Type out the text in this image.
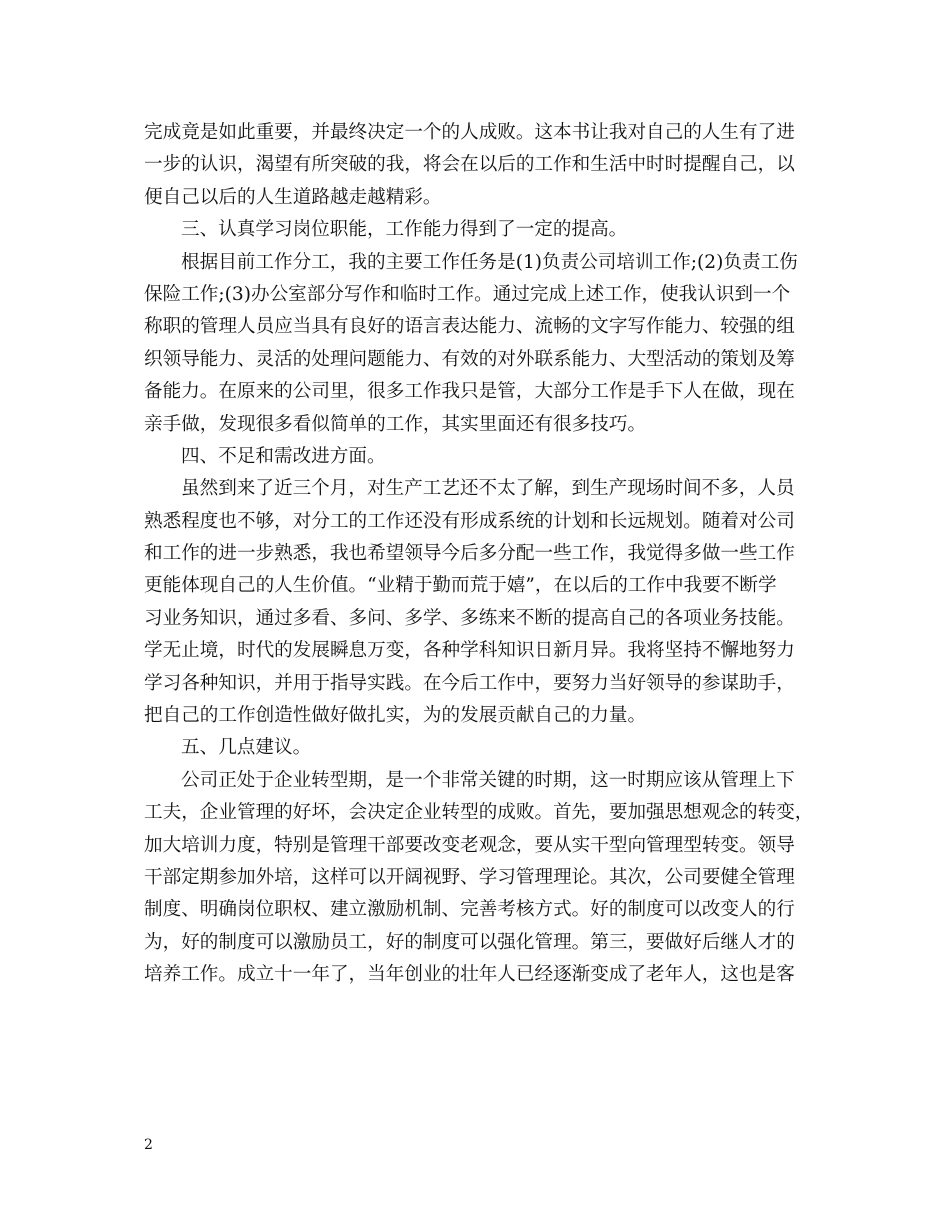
完成竟是如此重要，并最终决定一个的人成败。这本书让我对自己的人生有了进
一步的认识，渴望有所突破的我，将会在以后的工作和生活中时时提醒自己，以
便自己以后的人生道路越走越精彩。
三、认真学习岗位职能，工作能力得到了一定的提高。
根据目前工作分工，我的主要工作任务是(1)负责公司培训工作;(2)负责工伤
保险工作;(3)办公室部分写作和临时工作。通过完成上述工作，使我认识到一个
称职的管理人员应当具有良好的语言表达能力、流畅的文字写作能力、较强的组
织领导能力、灵活的处理问题能力、有效的对外联系能力、大型活动的策划及筹
备能力。在原来的公司里，很多工作我只是管，大部分工作是手下人在做，现在
亲手做，发现很多看似简单的工作，其实里面还有很多技巧。
四、不足和需改进方面。
虽然到来了近三个月，对生产工艺还不太了解，到生产现场时间不多，人员
熟悉程度也不够，对分工的工作还没有形成系统的计划和长远规划。随着对公司
和工作的进一步熟悉，我也希望领导今后多分配一些工作，我觉得多做一些工作
更能体现自己的人生价值。“业精于勤而荒于嬉”，在以后的工作中我要不断学
习业务知识，通过多看、多问、多学、多练来不断的提高自己的各项业务技能。
学无止境，时代的发展瞬息万变，各种学科知识日新月异。我将坚持不懈地努力
学习各种知识，并用于指导实践。在今后工作中，要努力当好领导的参谋助手，
把自己的工作创造性做好做扎实，为的发展贡献自己的力量。
五、几点建议。
公司正处于企业转型期，是一个非常关键的时期，这一时期应该从管理上下
工夫，企业管理的好坏，会决定企业转型的成败。首先，要加强思想观念的转变，
加大培训力度，特别是管理干部要改变老观念，要从实干型向管理型转变。领导
干部定期参加外培，这样可以开阔视野、学习管理理论。其次，公司要健全管理
制度、明确岗位职权、建立激励机制、完善考核方式。好的制度可以改变人的行
为，好的制度可以激励员工，好的制度可以强化管理。第三，要做好后继人才的
培养工作。成立十一年了，当年创业的壮年人已经逐渐变成了老年人，这也是客
2
